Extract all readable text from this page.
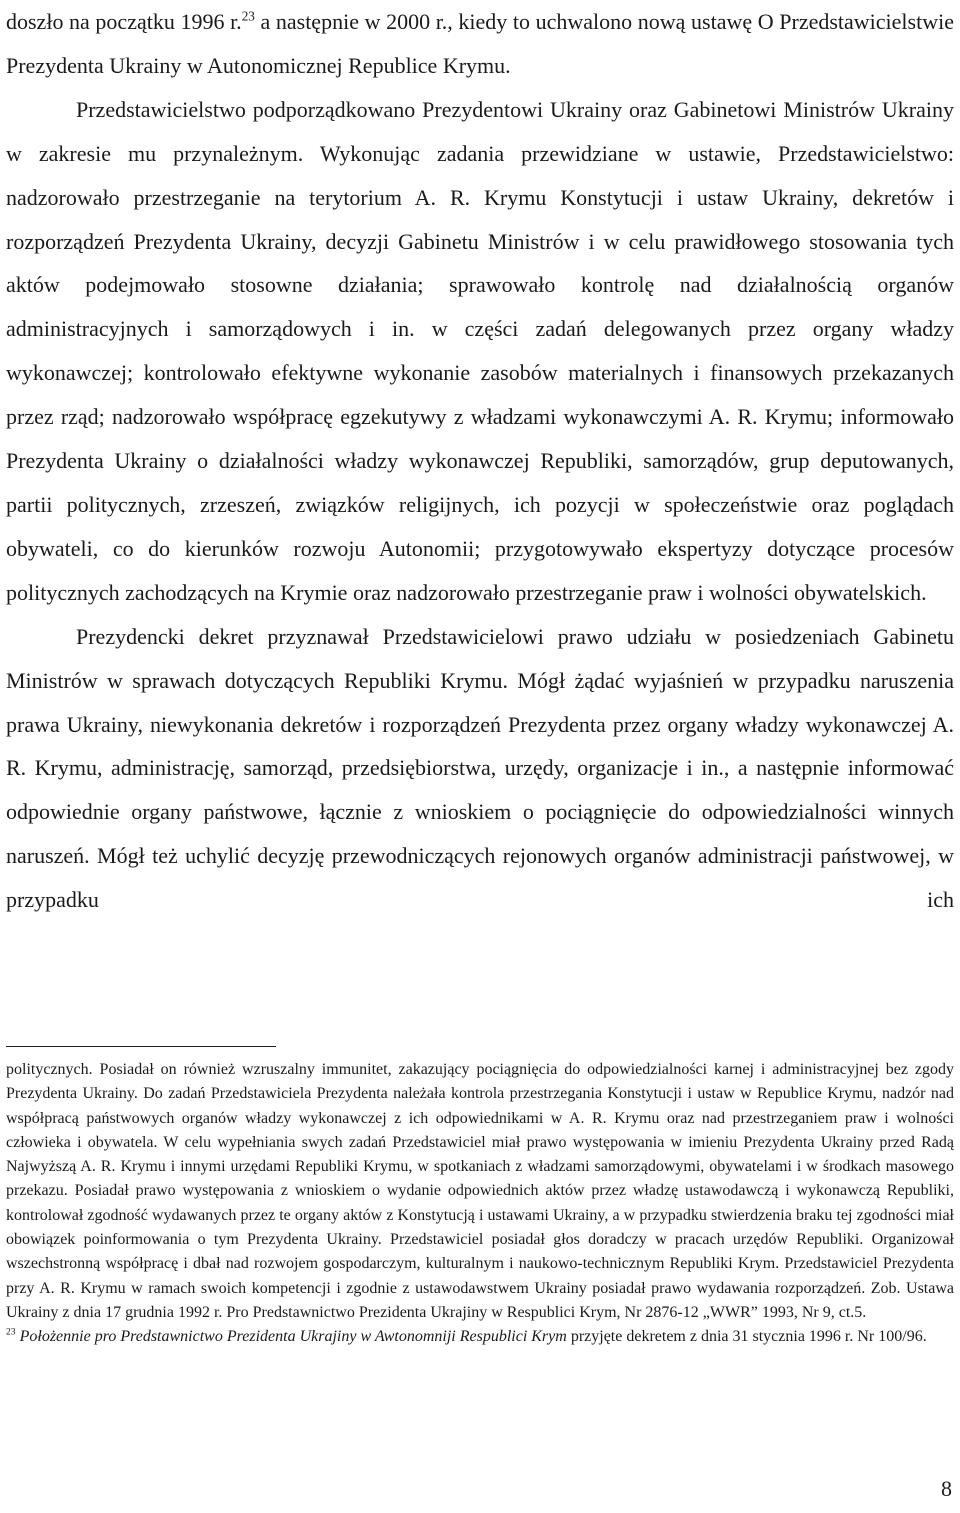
doszło na początku 1996 r.$^{23}$ a następnie w 2000 r., kiedy to uchwalono nową ustawę O Przedstawicielstwie Prezydenta Ukrainy w Autonomicznej Republice Krymu.

Przedstawicielstwo podporządkowano Prezydentowi Ukrainy oraz Gabinetowi Ministrów Ukrainy w zakresie mu przynależnym. Wykonując zadania przewidziane w ustawie, Przedstawicielstwo: nadzorowało przestrzeganie na terytorium A. R. Krymu Konstytucji i ustaw Ukrainy, dekretów i rozporządzeń Prezydenta Ukrainy, decyzji Gabinetu Ministrów i w celu prawidłowego stosowania tych aktów podejmowało stosowne działania; sprawowało kontrolę nad działalnością organów administracyjnych i samorządowych i in. w części zadań delegowanych przez organy władzy wykonawczej; kontrolowało efektywne wykonanie zasobów materialnych i finansowych przekazanych przez rząd; nadzorowało współpracę egzekutywy z władzami wykonawczymi A. R. Krymu; informowało Prezydenta Ukrainy o działalności władzy wykonawczej Republiki, samorządów, grup deputowanych, partii politycznych, zrzeszeń, związków religijnych, ich pozycji w społeczeństwie oraz poglądach obywateli, co do kierunków rozwoju Autonomii; przygotowywało ekspertyzy dotyczące procesów politycznych zachodzących na Krymie oraz nadzorowało przestrzeganie praw i wolności obywatelskich.

Prezydencki dekret przyznawał Przedstawicielowi prawo udziału w posiedzeniach Gabinetu Ministrów w sprawach dotyczących Republiki Krymu. Mógł żądać wyjaśnień w przypadku naruszenia prawa Ukrainy, niewykonania dekretów i rozporządzeń Prezydenta przez organy władzy wykonawczej A. R. Krymu, administrację, samorząd, przedsiębiorstwa, urzędy, organizacje i in., a następnie informować odpowiednie organy państwowe, łącznie z wnioskiem o pociągnięcie do odpowiedzialności winnych naruszeń. Mógł też uchylić decyzję przewodniczących rejonowych organów administracji państwowej, w przypadku ich

politycznych. Posiadał on również wzruszalny immunitet, zakazujący pociągnięcia do odpowiedzialności karnej i administracyjnej bez zgody Prezydenta Ukrainy. Do zadań Przedstawiciela Prezydenta należała kontrola przestrzegania Konstytucji i ustaw w Republice Krymu, nadzór nad współpracą państwowych organów władzy wykonawczej z ich odpowiednikami w A. R. Krymu oraz nad przestrzeganiem praw i wolności człowieka i obywatela. W celu wypełniania swych zadań Przedstawiciel miał prawo występowania w imieniu Prezydenta Ukrainy przed Radą Najwyższą A. R. Krymu i innymi urzędami Republiki Krymu, w spotkaniach z władzami samorządowymi, obywatelami i w środkach masowego przekazu. Posiadał prawo występowania z wnioskiem o wydanie odpowiednich aktów przez władzę ustawodawczą i wykonawczą Republiki, kontrolował zgodność wydawanych przez te organy aktów z Konstytucją i ustawami Ukrainy, a w przypadku stwierdzenia braku tej zgodności miał obowiązek poinformowania o tym Prezydenta Ukrainy. Przedstawiciel posiadał głos doradczy w pracach urzędów Republiki. Organizował wszechstronną współpracę i dbał nad rozwojem gospodarczym, kulturalnym i naukowo-technicznym Republiki Krym. Przedstawiciel Prezydenta przy A. R. Krymu w ramach swoich kompetencji i zgodnie z ustawodawstwem Ukrainy posiadał prawo wydawania rozporządzeń. Zob. Ustawa Ukrainy z dnia 17 grudnia 1992 r. Pro Predstawnictwo Prezidenta Ukrajiny w Respublici Krym, Nr 2876-12 „WWR” 1993, Nr 9, ct.5.

$^{23}$ Położennie pro Predstawnictwo Prezidenta Ukrajiny w Awtonomniji Respublici Krym przyjęte dekretem z dnia 31 stycznia 1996 r. Nr 100/96.

8
